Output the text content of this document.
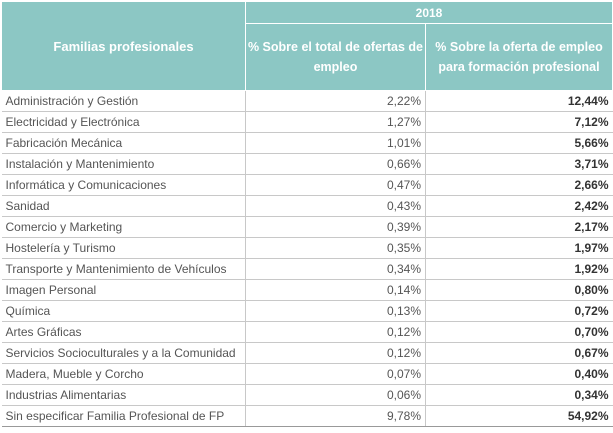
Familias profesionales	2018	
	% Sobre el total de ofertas de empleo	% Sobre la oferta de empleo para formación profesional
Administración y Gestión	2,22%	12,44%
Electricidad y Electrónica	1,27%	7,12%
Fabricación Mecánica	1,01%	5,66%
Instalación y Mantenimiento	0,66%	3,71%
Informática y Comunicaciones	0,47%	2,66%
Sanidad	0,43%	2,42%
Comercio y Marketing	0,39%	2,17%
Hostelería y Turismo	0,35%	1,97%
Transporte y Mantenimiento de Vehículos	0,34%	1,92%
Imagen Personal	0,14%	0,80%
Química	0,13%	0,72%
Artes Gráficas	0,12%	0,70%
Servicios Socioculturales y a la Comunidad	0,12%	0,67%
Madera, Mueble y Corcho	0,07%	0,40%
Industrias Alimentarias	0,06%	0,34%
Sin especificar Familia Profesional de FP	9,78%	54,92%
